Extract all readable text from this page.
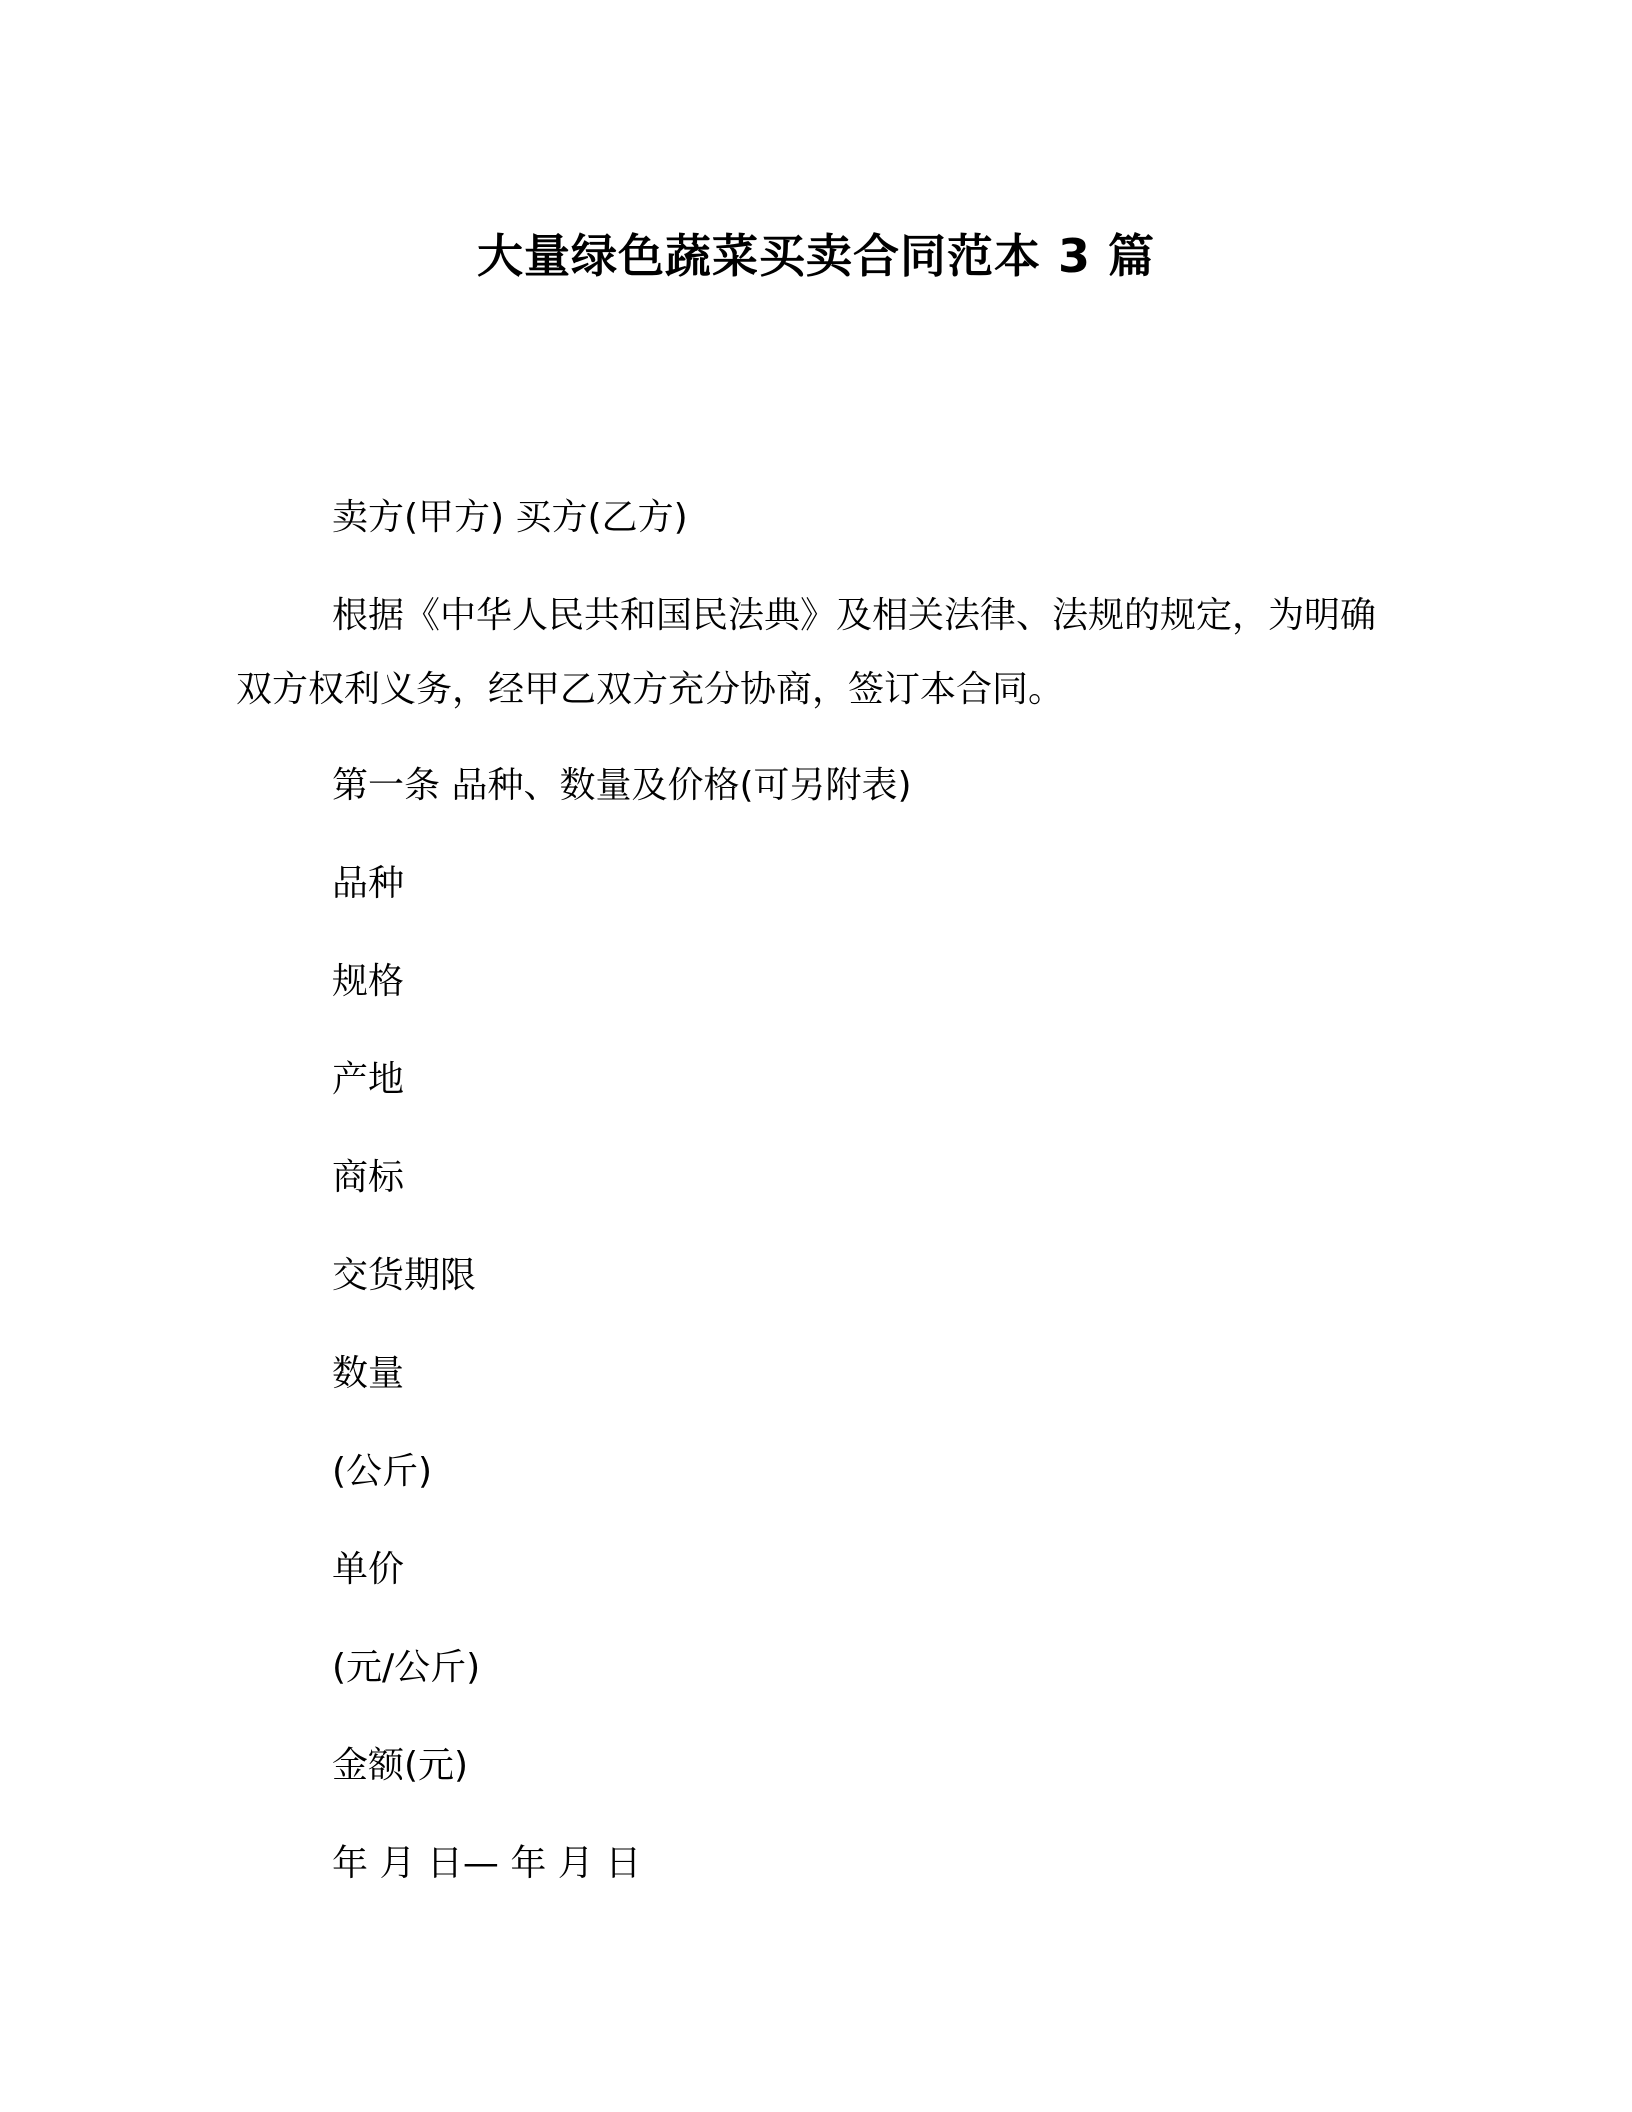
大量绿色蔬菜买卖合同范本 3 篇

卖方(甲方) 买方(乙方)

根据《中华人民共和国民法典》及相关法律、法规的规定，为明确双方权利义务，经甲乙双方充分协商，签订本合同。

第一条 品种、数量及价格(可另附表)

品种

规格

产地

商标

交货期限

数量

(公斤)

单价

(元/公斤)

金额(元)

年 月 日— 年 月 日
